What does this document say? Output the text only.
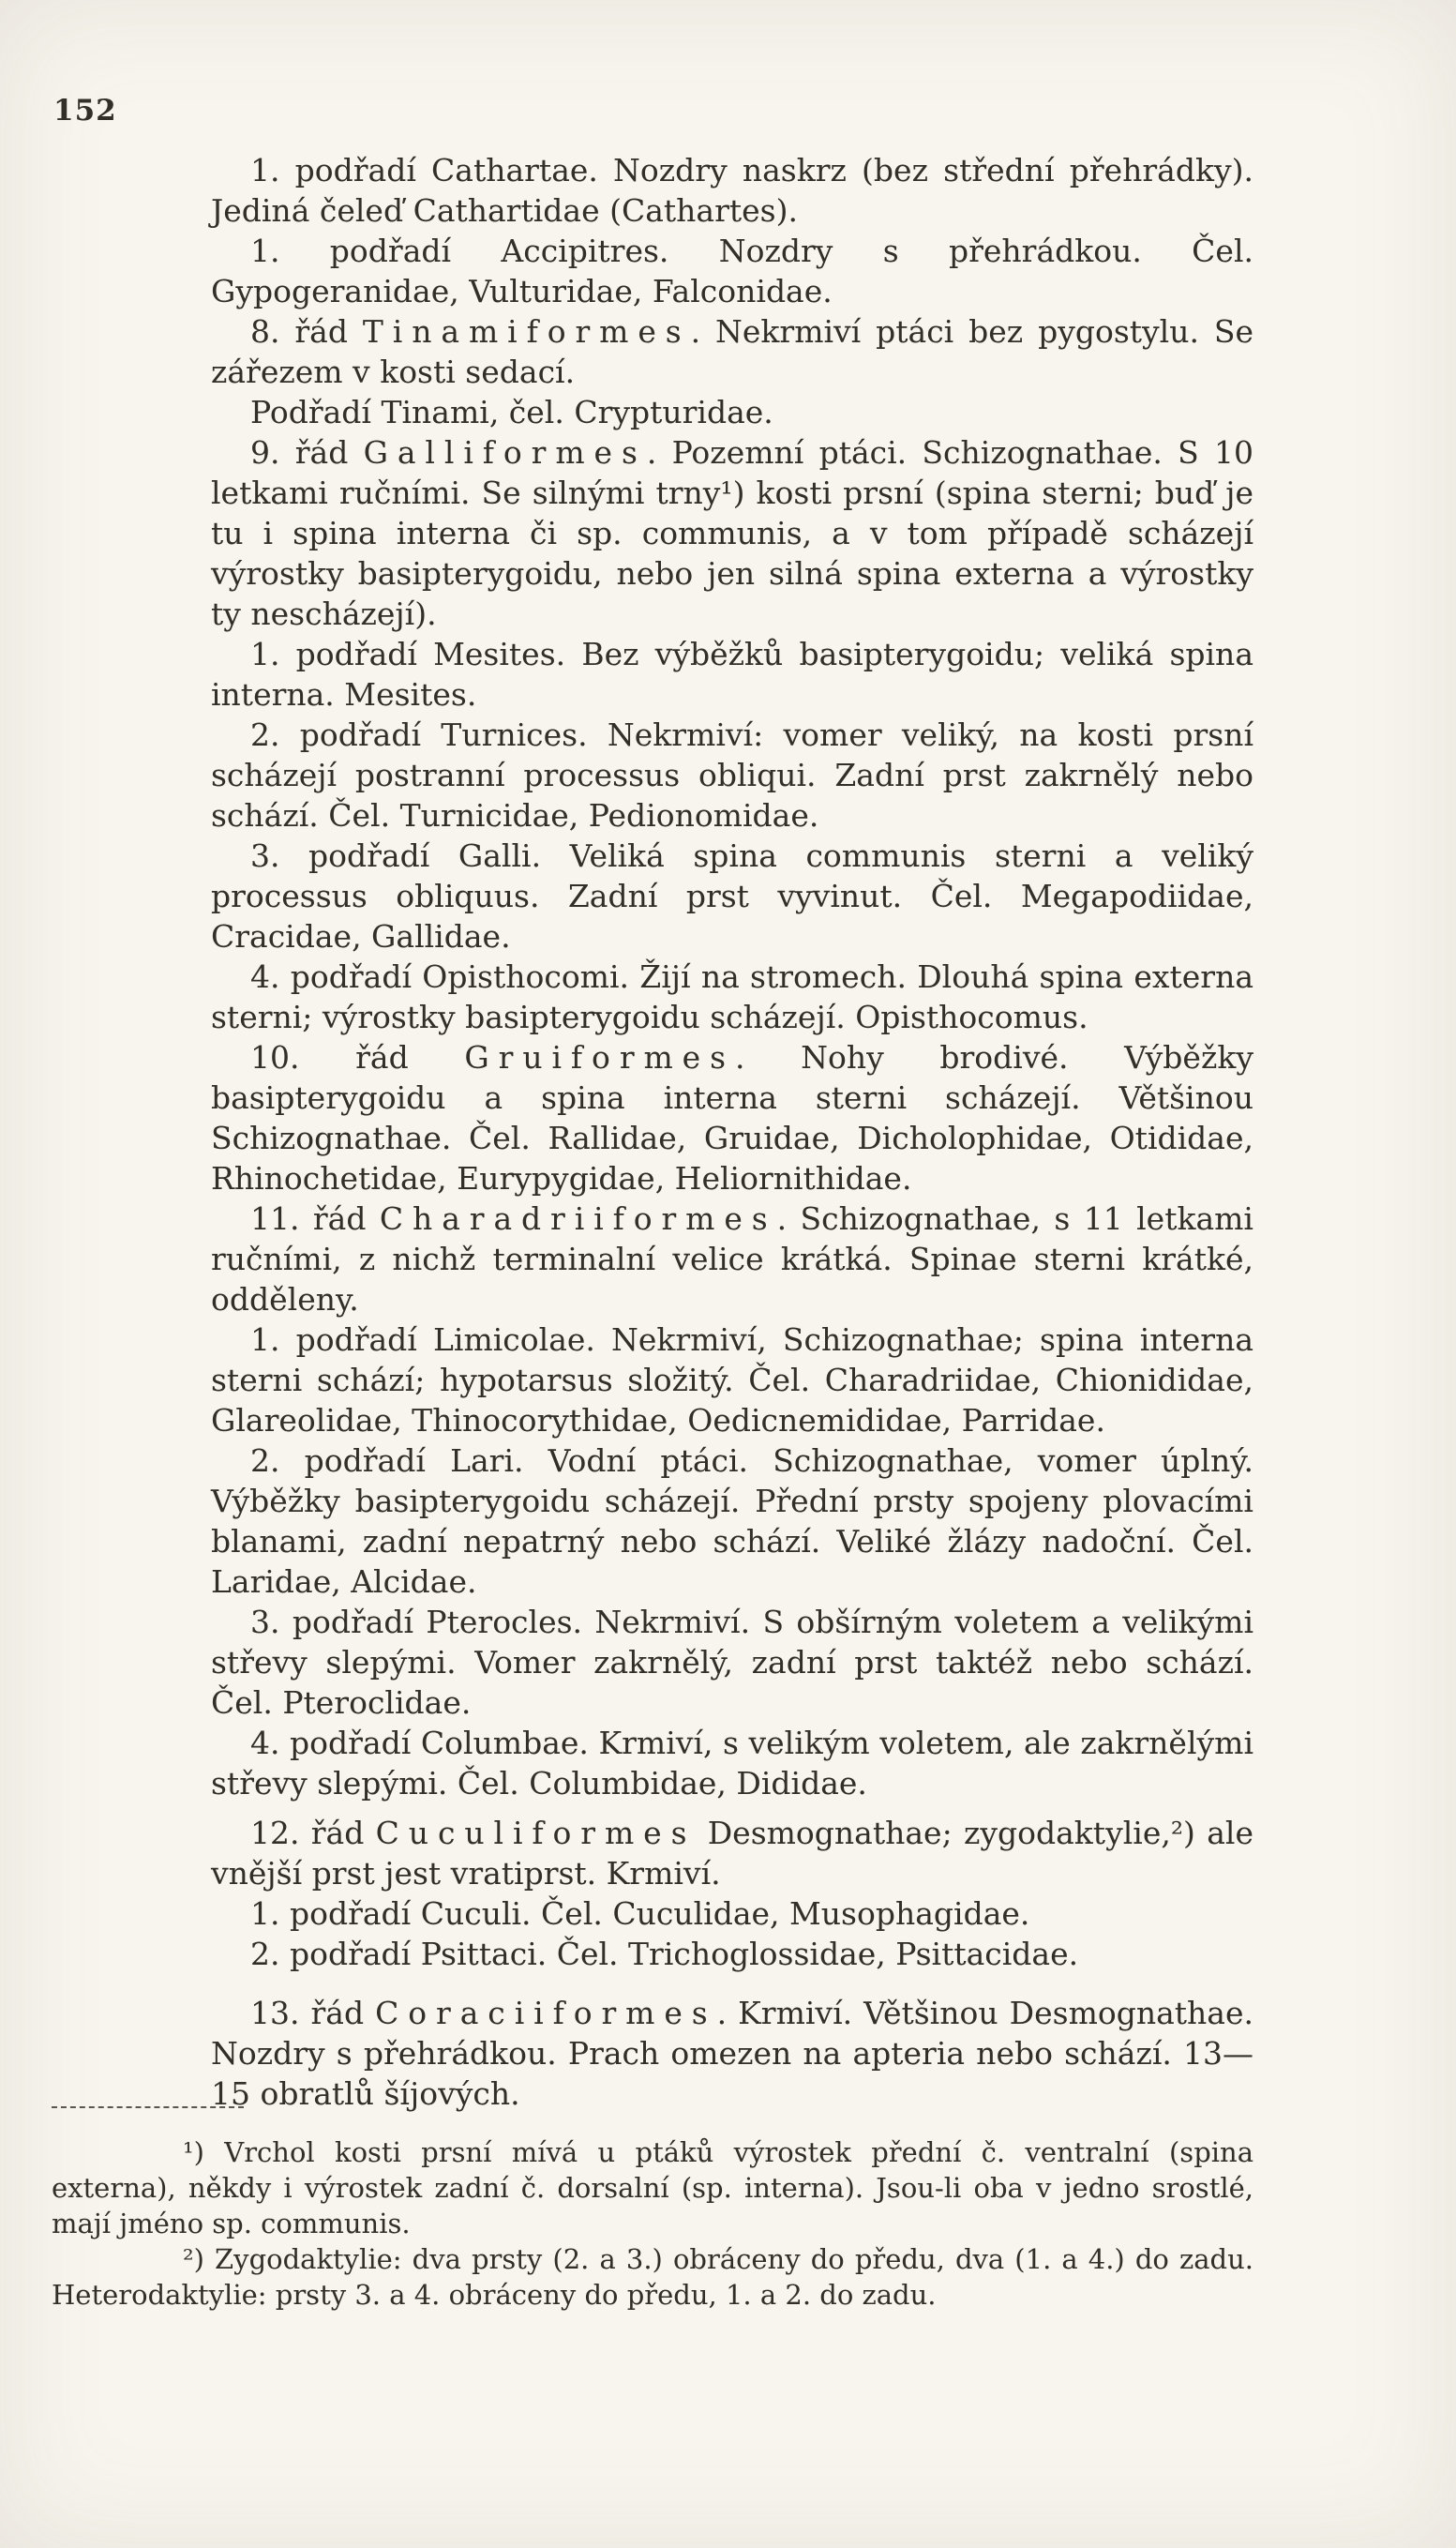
152

1. podřadí Cathartae. Nozdry naskrz (bez střední přehrádky). Jediná čeleď Cathartidae (Cathartes).

1. podřadí Accipitres. Nozdry s přehrádkou. Čel. Gypogeranidae, Vulturidae, Falconidae.

8. řád Tinamiformes. Nekrmiví ptáci bez pygostylu. Se zářezem v kosti sedací.

Podřadí Tinami, čel. Crypturidae.

9. řád Galliformes. Pozemní ptáci. Schizognathae. S 10 letkami ručními. Se silnými trny¹) kosti prsní (spina sterni; buď je tu i spina interna či sp. communis, a v tom případě scházejí výrostky basipterygoidu, nebo jen silná spina externa a výrostky ty nescházejí).

1. podřadí Mesites. Bez výběžků basipterygoidu; veliká spina interna. Mesites.

2. podřadí Turnices. Nekrmiví: vomer veliký, na kosti prsní scházejí postranní processus obliqui. Zadní prst zakrnělý nebo schází. Čel. Turnicidae, Pedionomidae.

3. podřadí Galli. Veliká spina communis sterni a veliký processus obliquus. Zadní prst vyvinut. Čel. Megapodiidae, Cracidae, Gallidae.

4. podřadí Opisthocomi. Žijí na stromech. Dlouhá spina externa sterni; výrostky basipterygoidu scházejí. Opisthocomus.

10. řád Gruiformes. Nohy brodivé. Výběžky basipterygoidu a spina interna sterni scházejí. Většinou Schizognathae. Čel. Rallidae, Gruidae, Dicholophidae, Otididae, Rhinochetidae, Eurypygidae, Heliornithidae.

11. řád Charadriiformes. Schizognathae, s 11 letkami ručními, z nichž terminalní velice krátká. Spinae sterni krátké, odděleny.

1. podřadí Limicolae. Nekrmiví, Schizognathae; spina interna sterni schází; hypotarsus složitý. Čel. Charadriidae, Chionididae, Glareolidae, Thinocorythidae, Oedicnemididae, Parridae.

2. podřadí Lari. Vodní ptáci. Schizognathae, vomer úplný. Výběžky basipterygoidu scházejí. Přední prsty spojeny plovacími blanami, zadní nepatrný nebo schází. Veliké žlázy nadoční. Čel. Laridae, Alcidae.

3. podřadí Pterocles. Nekrmiví. S obšírným voletem a velikými střevy slepými. Vomer zakrnělý, zadní prst taktéž nebo schází. Čel. Pteroclidae.

4. podřadí Columbae. Krmiví, s velikým voletem, ale zakrnělými střevy slepými. Čel. Columbidae, Dididae.

12. řád Cuculiformes Desmognathae; zygodaktylie,²) ale vnější prst jest vratiprst. Krmiví.

1. podřadí Cuculi. Čel. Cuculidae, Musophagidae.

2. podřadí Psittaci. Čel. Trichoglossidae, Psittacidae.

13. řád Coraciiformes. Krmiví. Většinou Desmognathae. Nozdry s přehrádkou. Prach omezen na apteria nebo schází. 13—15 obratlů šíjových.

¹) Vrchol kosti prsní mívá u ptáků výrostek přední č. ventralní (spina externa), někdy i výrostek zadní č. dorsalní (sp. interna). Jsou-li oba v jedno srostlé, mají jméno sp. communis.

²) Zygodaktylie: dva prsty (2. a 3.) obráceny do předu, dva (1. a 4.) do zadu. Heterodaktylie: prsty 3. a 4. obráceny do předu, 1. a 2. do zadu.
